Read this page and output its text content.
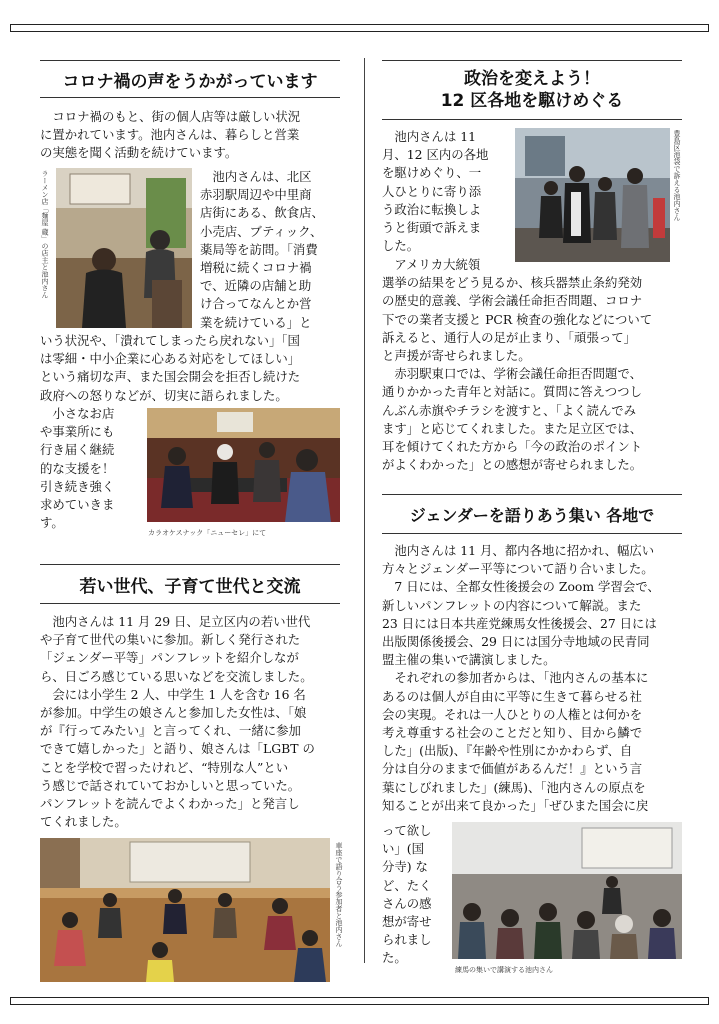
コロナ禍の声をうかがっています
　コロナ禍のもと、街の個人店等は厳しい状況
に置かれています。池内さんは、暮らしと営業
の実態を聞く活動を続けています。
ラーメン店「麺屋 蔵」の店主と池内さん	　池内さんは、北区
赤羽駅周辺や中里商
店街にある、飲食店、
小売店、ブティック、
薬局等を訪問。「消費
増税に続くコロナ禍
で、近隣の店舗と助
け合ってなんとか営
業を続けている」と
いう状況や、「潰れてしまったら戻れない」「国
は零細・中小企業に心ある対応をしてほしい」
という痛切な声、また国会開会を拒否し続けた
政府への怒りなどが、切実に語られました。
　小さなお店
や事業所にも
行き届く継続
的な支援を！
引き続き強く
求めていきま
す。
カラオケスナック「ニューセレ」にて
若い世代、子育て世代と交流
　池内さんは 11 月 29 日、足立区内の若い世代
や子育て世代の集いに参加。新しく発行された
「ジェンダー平等」パンフレットを紹介しなが
ら、日ごろ感じている思いなどを交流しました。
　会には小学生 2 人、中学生 1 人を含む 16 名
が参加。中学生の娘さんと参加した女性は、「娘
が『行ってみたい』と言ってくれ、一緒に参加
できて嬉しかった」と語り、娘さんは「LGBT の
ことを学校で習ったけれど、“特別な人”とい
う感じで話されていておかしいと思っていた。
パンフレットを読んでよくわかった」と発言し
てくれました。
車座で語り合う参加者と池内さん
政治を変えよう！
12 区各地を駆けめぐる
　池内さんは 11
月、12 区内の各地
を駆けめぐり、一
人ひとりに寄り添
う政治に転換しよ
うと街頭で訴えま
した。
豊島区池袋で訴える池内さん
　アメリカ大統領
選挙の結果をどう見るか、核兵器禁止条約発効
の歴史的意義、学術会議任命拒否問題、コロナ
下での業者支援と PCR 検査の強化などについて
訴えると、通行人の足が止まり、「頑張って」
と声援が寄せられました。
　赤羽駅東口では、学術会議任命拒否問題で、
通りかかった青年と対話に。質問に答えつつし
んぶん赤旗やチラシを渡すと、「よく読んでみ
ます」と応じてくれました。また足立区では、
耳を傾けてくれた方から「今の政治のポイント
がよくわかった」との感想が寄せられました。
ジェンダーを語りあう集い 各地で
　池内さんは 11 月、都内各地に招かれ、幅広い
方々とジェンダー平等について語り合いました。
　7 日には、全都女性後援会の Zoom 学習会で、
新しいパンフレットの内容について解説。また
23 日には日本共産党練馬女性後援会、27 日には
出版関係後援会、29 日には国分寺地域の民青同
盟主催の集いで講演しました。
　それぞれの参加者からは、「池内さんの基本に
あるのは個人が自由に平等に生きて暮らせる社
会の実現。それは一人ひとりの人権とは何かを
考え尊重する社会のことだと知り、目から鱗で
した」(出版)、『年齢や性別にかかわらず、自
分は自分のままで価値があるんだ！』という言
葉にしびれました」(練馬)、「池内さんの原点を
知ることが出来て良かった」「ぜひまた国会に戻
って欲し
い」(国
分寺) な
ど、たく
さんの感
想が寄せ
られまし
た。
練馬の集いで講演する池内さん
